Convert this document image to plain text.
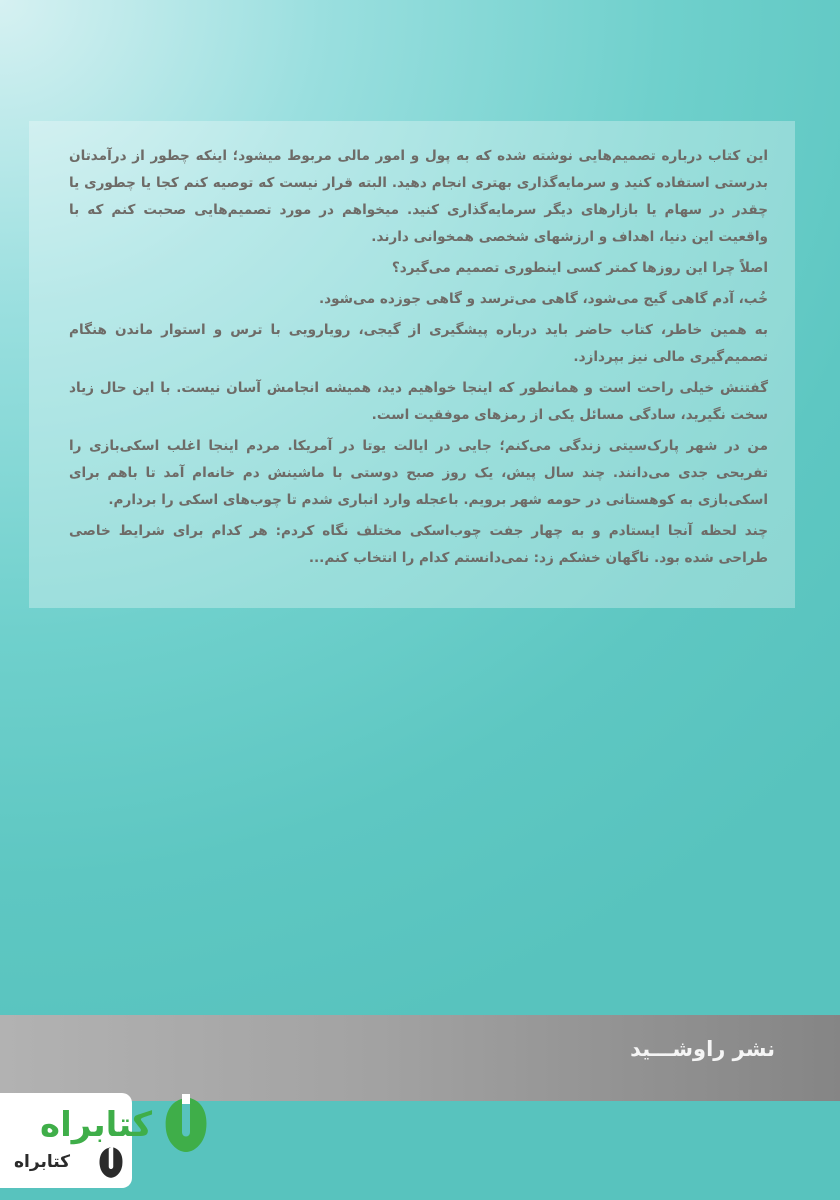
این کتاب درباره تصمیم‌هایی نوشته شده که به پول و امور مالی مربوط میشود؛ اینکه چطور از درآمدتان بدرستی استفاده کنید و سرمایه‌گذاری بهتری انجام دهید. البته قرار نیست که توصیه کنم کجا یا چطوری یا چقدر در سهام یا بازارهای دیگر سرمایه‌گذاری کنید. میخواهم در مورد تصمیم‌هایی صحبت کنم که با واقعیت این دنیا، اهداف و ارزشهای شخصی همخوانی دارند.

اصلاً چرا این روزها کمتر کسی اینطوری تصمیم می‌گیرد؟

خُب، آدم گاهی گیج می‌شود، گاهی می‌ترسد و گاهی جوزده می‌شود.

به همین خاطر، کتاب حاضر باید درباره پیشگیری از گیجی، رویارویی با ترس و استوار ماندن هنگام تصمیم‌گیری مالی نیز بپردازد.

گفتنش خیلی راحت است و همانطور که اینجا خواهیم دید، همیشه انجامش آسان نیست. با این حال زیاد سخت نگیرید، سادگی مسائل یکی از رمزهای موفقیت است.

من در شهر پارک‌سیتی زندگی می‌کنم؛ جایی در ایالت یوتا در آمریکا. مردم اینجا اغلب اسکی‌بازی را تفریحی جدی می‌دانند. چند سال پیش، یک روز صبح دوستی با ماشینش دم خانه‌ام آمد تا باهم برای اسکی‌بازی به کوهستانی در حومه شهر برویم. باعجله وارد انباری شدم تا چوب‌های اسکی را بردارم.

چند لحظه آنجا ایستادم و به چهار جفت چوب‌اسکی مختلف نگاه کردم: هر کدام برای شرایط خاصی طراحی شده بود. ناگهان خشکم زد: نمی‌دانستم کدام را انتخاب کنم...

نشر راوشـــید
کتابراه
کتابراه
